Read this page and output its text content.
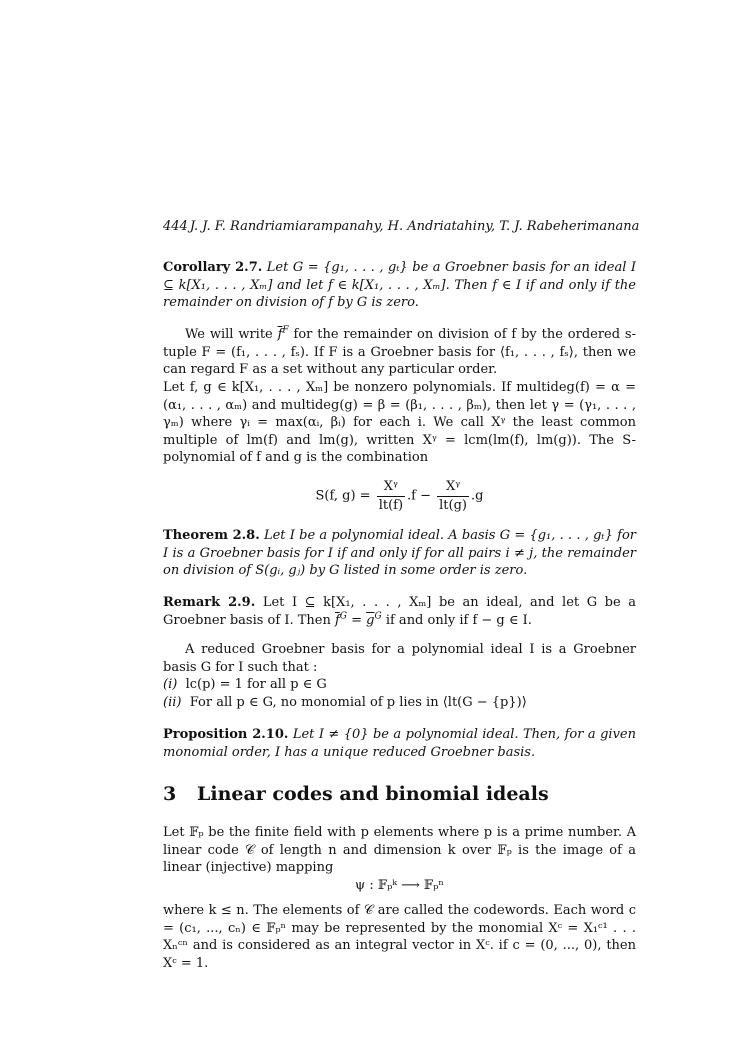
444 J. J. F. Randriamiarampanahy, H. Andriatahiny, T. J. Rabeherimanana
Corollary 2.7. Let G = {g₁, . . . , gₜ} be a Groebner basis for an ideal I ⊆ k[X₁, . . . , Xₘ] and let f ∈ k[X₁, . . . , Xₘ]. Then f ∈ I if and only if the remainder on division of f by G is zero.
We will write $\overline{f}^F$ for the remainder on division of f by the ordered s-tuple F = (f₁, . . . , fₛ). If F is a Groebner basis for ⟨f₁, . . . , fₛ⟩, then we can regard F as a set without any particular order.
Let f, g ∈ k[X₁, . . . , Xₘ] be nonzero polynomials. If multideg(f) = α = (α₁, . . . , αₘ) and multideg(g) = β = (β₁, . . . , βₘ), then let γ = (γ₁, . . . , γₘ) where γᵢ = max(αᵢ, βᵢ) for each i. We call Xᵞ the least common multiple of lm(f) and lm(g), written Xᵞ = lcm(lm(f), lm(g)). The S-polynomial of f and g is the combination
S(f, $g) = \frac{\text{Xᵞ}}{lt(f)} .f - \frac{\text{Xᵞ}}{lt(g)} .g$
Theorem 2.8. Let I be a polynomial ideal. A basis G = {g₁, . . . , gₜ} for I is a Groebner basis for I if and only if for all pairs i ≠ j, the remainder on division of S(gᵢ, gⱼ) by G listed in some order is zero.
Remark 2.9. Let I ⊆ k[X₁, . . . , Xₘ] be an ideal, and let G be a Groebner basis of I. Then $\overline{f}^G = \overline{g}^G$ if and only if f − g ∈ I.
A reduced Groebner basis for a polynomial ideal I is a Groebner basis G for I such that :
(i) lc(p) = 1 for all p ∈ G
(ii) For all p ∈ G, no monomial of p lies in ⟨lt(G − {p})⟩
Proposition 2.10. Let I ≠ {0} be a polynomial ideal. Then, for a given monomial order, I has a unique reduced Groebner basis.
3 Linear codes and binomial ideals
Let 𝔽ₚ be the finite field with p elements where p is a prime number. A linear code 𝒞 of length n and dimension k over 𝔽ₚ is the image of a linear (injective) mapping
ψ : 𝔽ₚᵏ ⟶ 𝔽ₚⁿ
where k ≤ n. The elements of 𝒞 are called the codewords. Each word c = (c₁, ..., cₙ) ∈ 𝔽ₚⁿ may be represented by the monomial Xᶜ = X₁ᶜ¹ . . . Xₙᶜⁿ and is considered as an integral vector in Xᶜ. if c = (0, ..., 0), then Xᶜ = 1.
